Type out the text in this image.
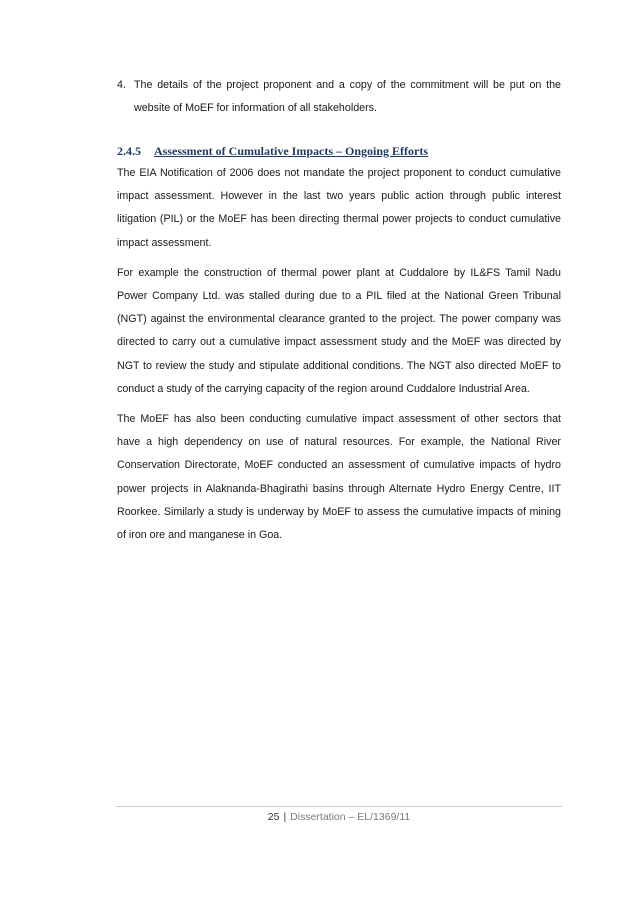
4. The details of the project proponent and a copy of the commitment will be put on the website of MoEF for information of all stakeholders.
2.4.5 Assessment of Cumulative Impacts – Ongoing Efforts

The EIA Notification of 2006 does not mandate the project proponent to conduct cumulative impact assessment. However in the last two years public action through public interest litigation (PIL) or the MoEF has been directing thermal power projects to conduct cumulative impact assessment.

For example the construction of thermal power plant at Cuddalore by IL&FS Tamil Nadu Power Company Ltd. was stalled during due to a PIL filed at the National Green Tribunal (NGT) against the environmental clearance granted to the project. The power company was directed to carry out a cumulative impact assessment study and the MoEF was directed by NGT to review the study and stipulate additional conditions. The NGT also directed MoEF to conduct a study of the carrying capacity of the region around Cuddalore Industrial Area.

The MoEF has also been conducting cumulative impact assessment of other sectors that have a high dependency on use of natural resources. For example, the National River Conservation Directorate, MoEF conducted an assessment of cumulative impacts of hydro power projects in Alaknanda-Bhagirathi basins through Alternate Hydro Energy Centre, IIT Roorkee. Similarly a study is underway by MoEF to assess the cumulative impacts of mining of iron ore and manganese in Goa.

25 | Dissertation – EL/1369/11
